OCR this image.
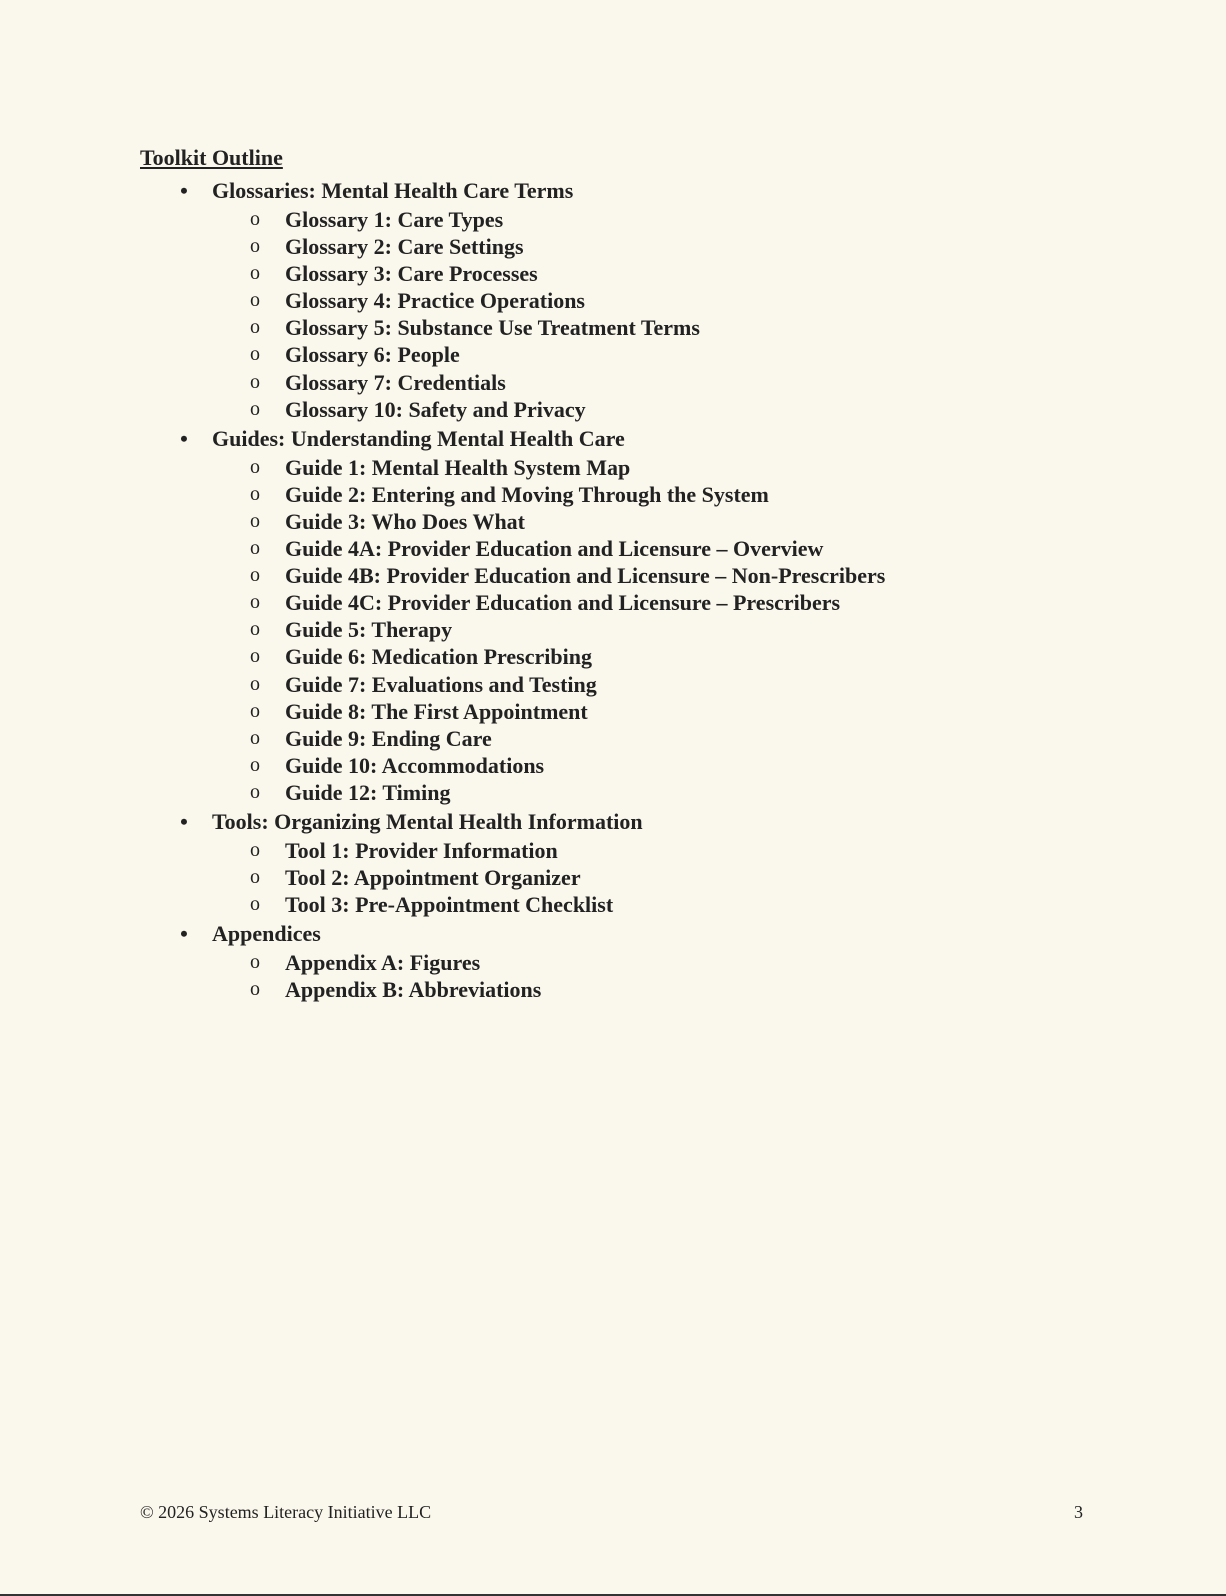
Toolkit Outline
• Glossaries: Mental Health Care Terms
o Glossary 1: Care Types
o Glossary 2: Care Settings
o Glossary 3: Care Processes
o Glossary 4: Practice Operations
o Glossary 5: Substance Use Treatment Terms
o Glossary 6: People
o Glossary 7: Credentials
o Glossary 10: Safety and Privacy
• Guides: Understanding Mental Health Care
o Guide 1: Mental Health System Map
o Guide 2: Entering and Moving Through the System
o Guide 3: Who Does What
o Guide 4A: Provider Education and Licensure – Overview
o Guide 4B: Provider Education and Licensure – Non-Prescribers
o Guide 4C: Provider Education and Licensure – Prescribers
o Guide 5: Therapy
o Guide 6: Medication Prescribing
o Guide 7: Evaluations and Testing
o Guide 8: The First Appointment
o Guide 9: Ending Care
o Guide 10: Accommodations
o Guide 12: Timing
• Tools: Organizing Mental Health Information
o Tool 1: Provider Information
o Tool 2: Appointment Organizer
o Tool 3: Pre-Appointment Checklist
• Appendices
o Appendix A: Figures
o Appendix B: Abbreviations
© 2026 Systems Literacy Initiative LLC	3
